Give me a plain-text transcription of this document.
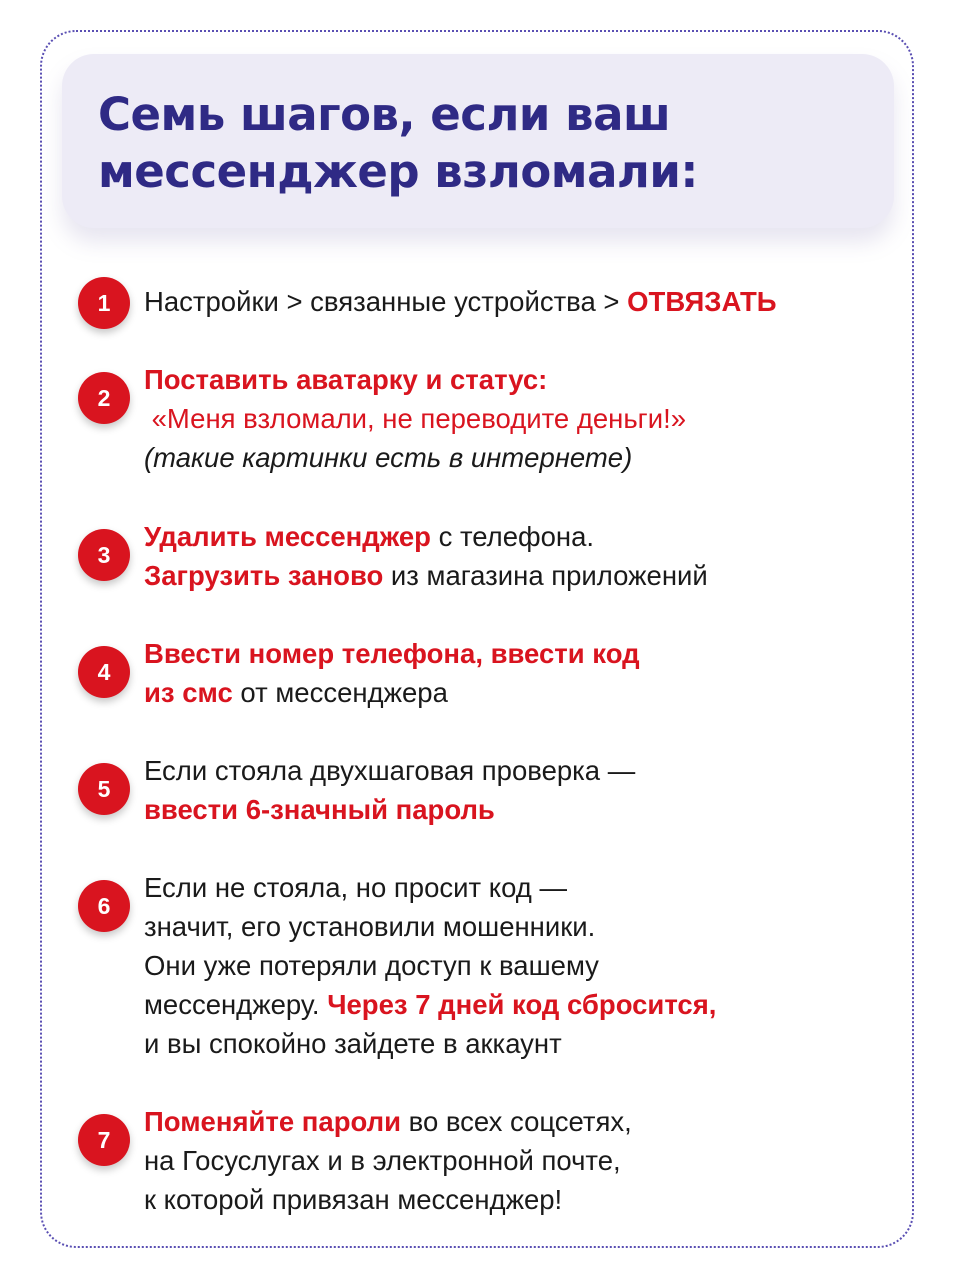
Семь шагов, если ваш
мессенджер взломали:
1	Настройки > связанные устройства > ОТВЯЗАТЬ
2
Поставить аватарку и статус:
«Меня взломали, не переводите деньги!»
(такие картинки есть в интернете)
3
Удалить мессенджер с телефона.
Загрузить заново из магазина приложений
4
Ввести номер телефона, ввести код
из смс от мессенджера
5
Если стояла двухшаговая проверка —
ввести 6-значный пароль
6
Если не стояла, но просит код —
значит, его установили мошенники.
Они уже потеряли доступ к вашему
мессенджеру. Через 7 дней код сбросится,
и вы спокойно зайдете в аккаунт
7
Поменяйте пароли во всех соцсетях,
на Госуслугах и в электронной почте,
к которой привязан мессенджер!
